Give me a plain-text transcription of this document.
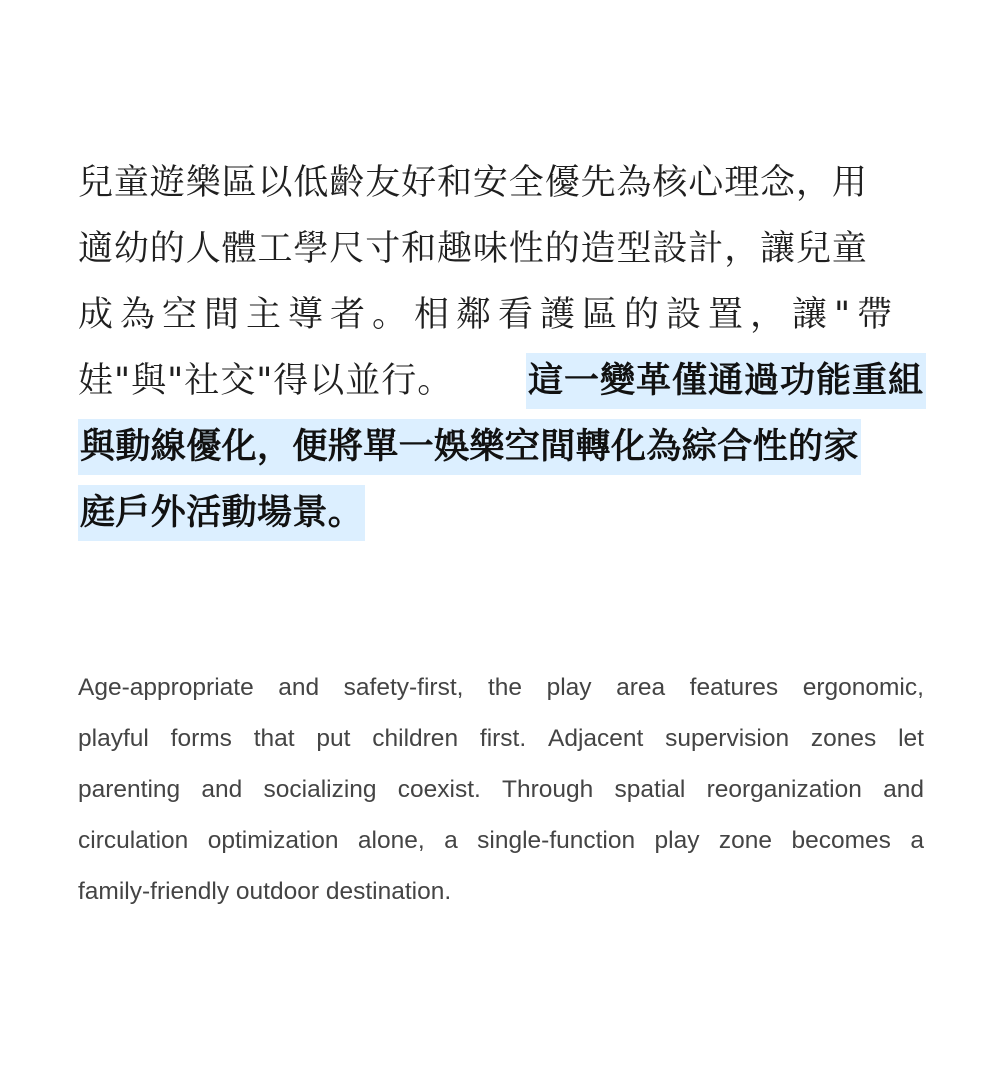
兒童遊樂區以低齡友好和安全優先為核心理念，用
適幼的人體工學尺寸和趣味性的造型設計，讓兒童
成為空間主導者。相鄰看護區的設置，讓"帶
娃"與"社交"得以並行。 這一變革僅通過功能重組
與動線優化，便將單一娛樂空間轉化為綜合性的家
庭戶外活動場景。
Age-appropriate and safety-first, the play area features ergonomic,
playful forms that put children first. Adjacent supervision zones let
parenting and socializing coexist. Through spatial reorganization and
circulation optimization alone, a single-function play zone becomes a
family-friendly outdoor destination.
